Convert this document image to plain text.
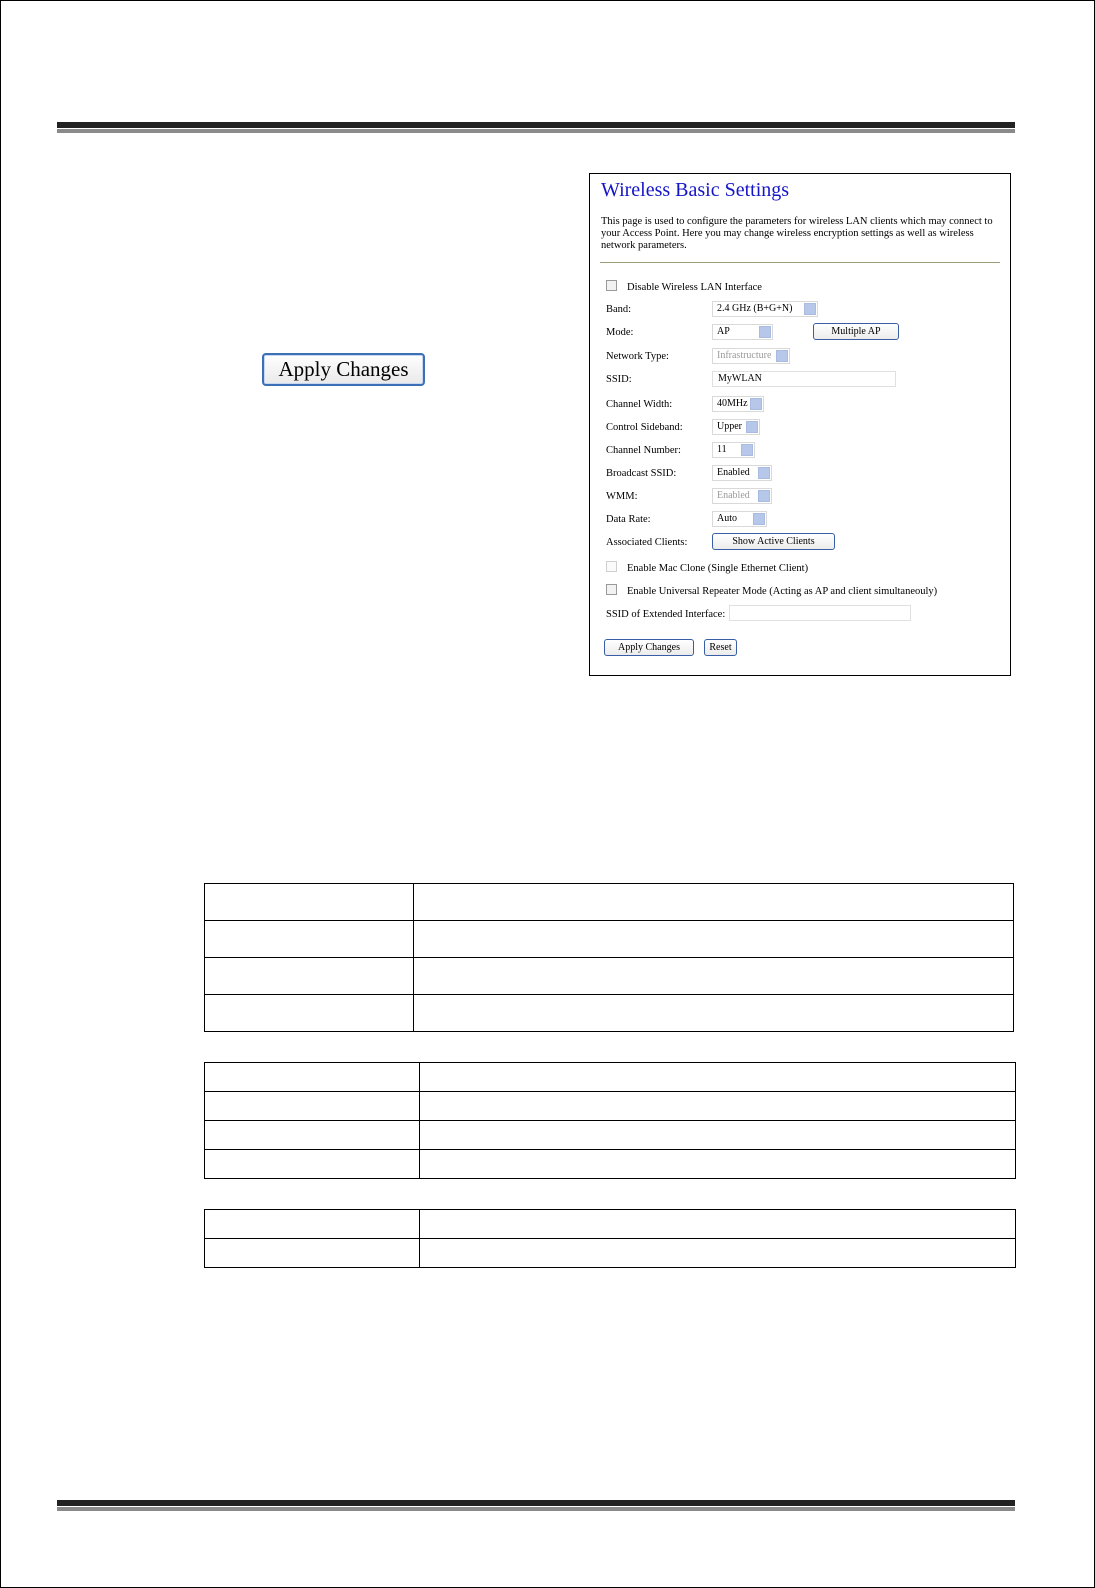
Apply Changes
Wireless Basic Settings
This page is used to configure the parameters for wireless LAN clients which may connect to your Access Point. Here you may change wireless encryption settings as well as wireless network parameters.
Disable Wireless LAN Interface
Band:	2.4 GHz (B+G+N)
Mode:	AP	Multiple AP
Network Type:	Infrastructure
SSID:	MyWLAN
Channel Width:	40MHz
Control Sideband:	Upper
Channel Number:	11
Broadcast SSID:	Enabled
WMM:	Enabled
Data Rate:	Auto
Associated Clients:	Show Active Clients
Enable Mac Clone (Single Ethernet Client)
Enable Universal Repeater Mode (Acting as AP and client simultaneouly)
SSID of Extended Interface:
Apply Changes	Reset
